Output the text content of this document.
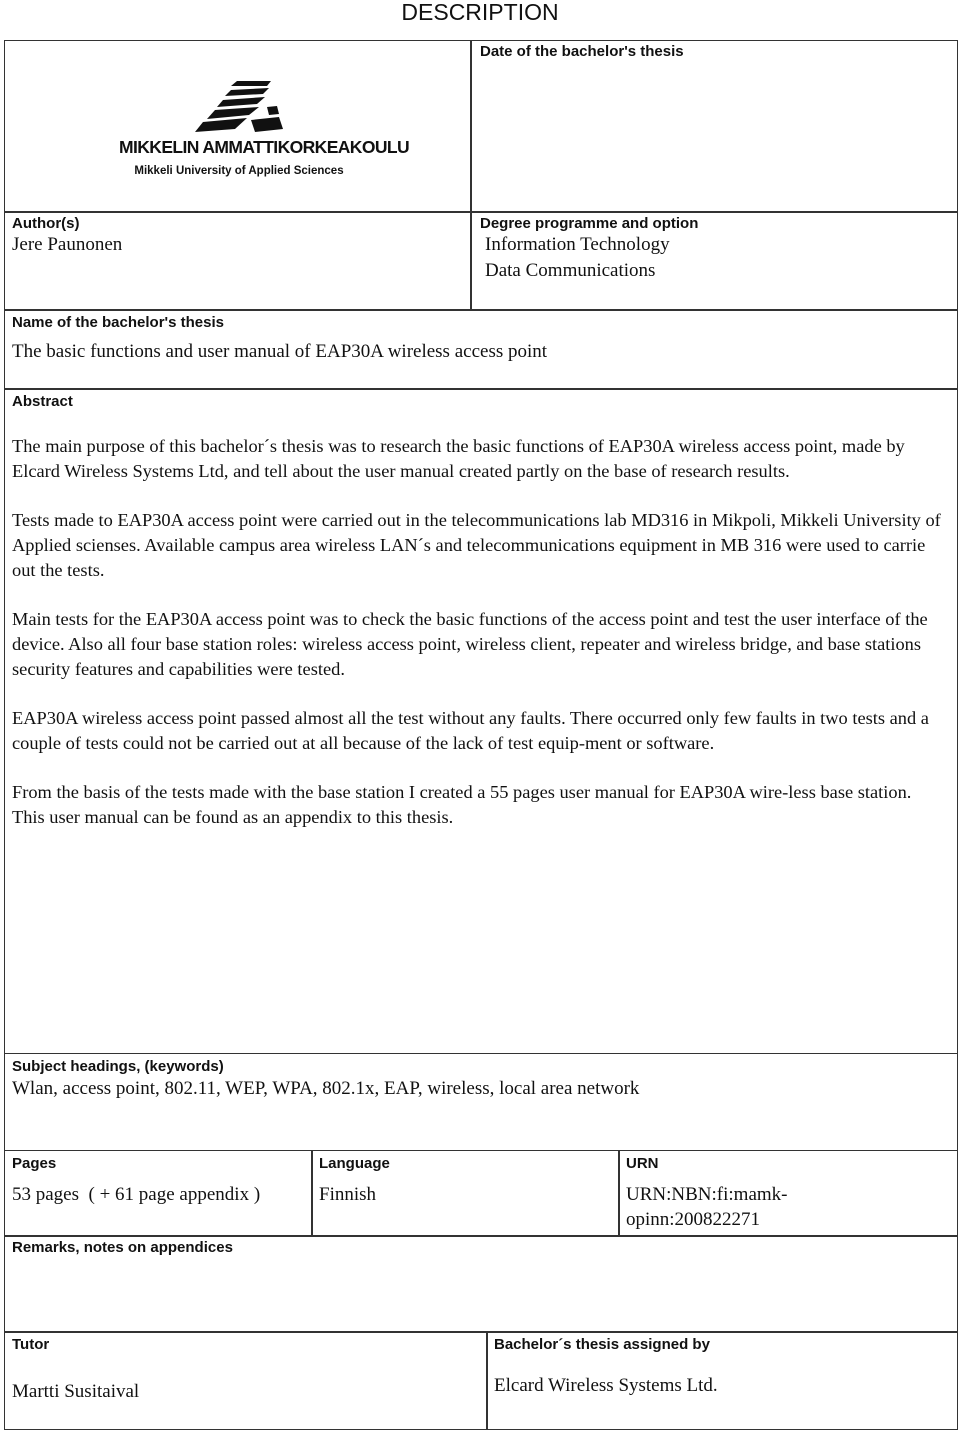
DESCRIPTION
MIKKELIN AMMATTIKORKEAKOULU
Mikkeli University of Applied Sciences
Date of the bachelor's thesis
Author(s)
Jere Paunonen
Degree programme and option
Information Technology
Data Communications
Name of the bachelor's thesis
The basic functions and user manual of EAP30A wireless access point
Abstract

The main purpose of this bachelor´s thesis was to research the basic functions of EAP30A wireless access point, made by Elcard Wireless Systems Ltd, and tell about the user manual created partly on the base of research results.

Tests made to EAP30A access point were carried out in the telecommunications lab MD316 in Mikpoli, Mikkeli University of Applied scienses. Available campus area wireless LAN´s and telecommunications equipment in MB 316 were used to carrie out the tests.

Main tests for the EAP30A access point was to check the basic functions of the access point and test the user interface of the device. Also all four base station roles: wireless access point, wireless client, repeater and wireless bridge, and base stations security features and capabilities were tested.

EAP30A wireless access point passed almost all the test without any faults. There occurred only few faults in two tests and a couple of tests could not be carried out at all because of the lack of test equip-ment or software.

From the basis of the tests made with the base station I created a 55 pages user manual for EAP30A wire-less base station. This user manual can be found as an appendix to this thesis.

Subject headings, (keywords)
Wlan, access point, 802.11, WEP, WPA, 802.1x, EAP, wireless, local area network
Pages
53 pages  ( + 61 page appendix )
Language
Finnish
URN
URN:NBN:fi:mamk-
opinn:200822271
Remarks, notes on appendices
Tutor
Martti Susitaival
Bachelor´s thesis assigned by
Elcard Wireless Systems Ltd.
